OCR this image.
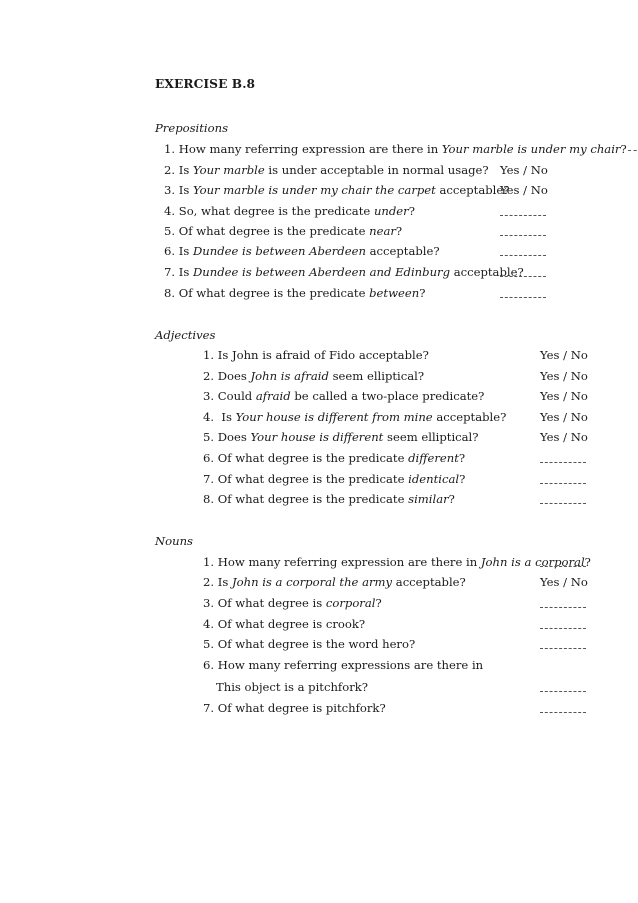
EXERCISE B.8
Prepositions
1. How many referring expression are there in Your marble is under my chair?
2. Is Your marble is under acceptable in normal usage? Yes / No
3. Is Your marble is under my chair the carpet acceptable?
Yes / No
4. So, what degree is the predicate under?
5. Of what degree is the predicate near?
6. Is Dundee is between Aberdeen acceptable?
7. Is Dundee is between Aberdeen and Edinburg acceptable?
8. Of what degree is the predicate between?
Adjectives
1. Is John is afraid of Fido acceptable?	Yes / No
2. Does John is afraid seem elliptical?	Yes / No
3. Could afraid be called a two-place predicate?	Yes / No
4.  Is Your house is different from mine acceptable?	Yes / No
5. Does Your house is different seem elliptical?	Yes / No
6. Of what degree is the predicate different?
7. Of what degree is the predicate identical?
8. Of what degree is the predicate similar?
Nouns
1. How many referring expression are there in John is a corporal?
2. Is John is a corporal the army acceptable?	Yes / No
3. Of what degree is corporal?
4. Of what degree is crook?
5. Of what degree is the word hero?
6. How many referring expressions are there in
This object is a pitchfork?
7. Of what degree is pitchfork?
